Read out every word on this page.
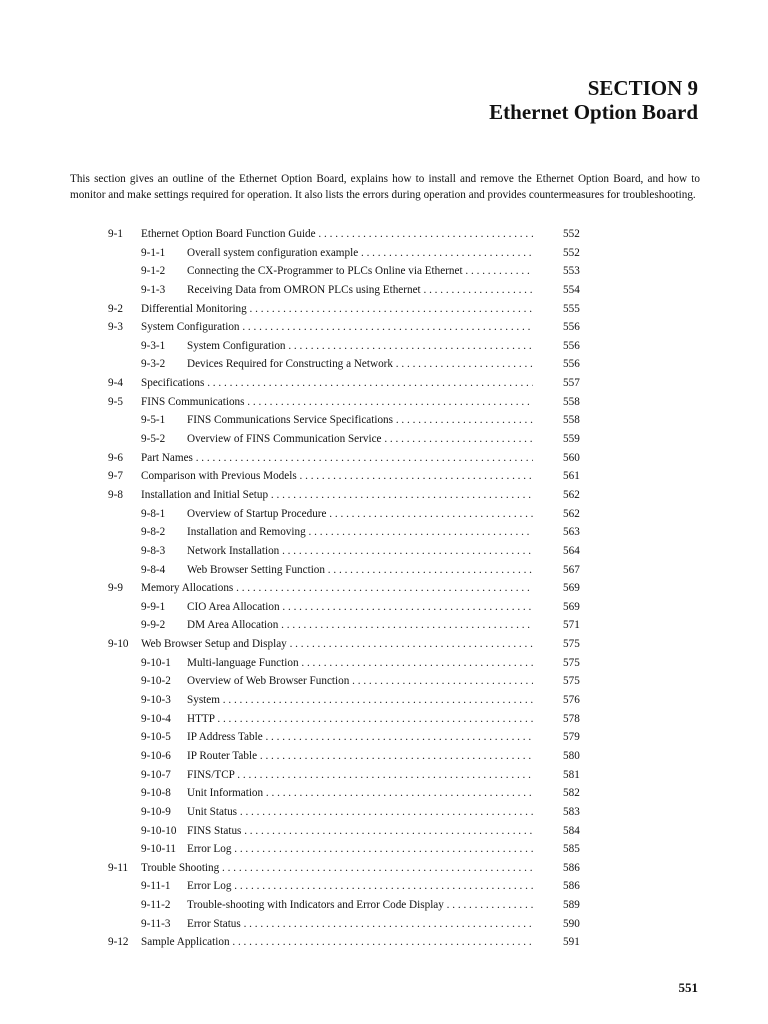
SECTION 9
Ethernet Option Board

This section gives an outline of the Ethernet Option Board, explains how to install and remove the Ethernet Option Board, and how to monitor and make settings required for operation. It also lists the errors during operation and provides countermeasures for troubleshooting.

9-1 Ethernet Option Board Function Guide . . .	552
9-1-1 Overall system configuration example . . .	552
9-1-2 Connecting the CX-Programmer to PLCs Online via Ethernet . . .	553
9-1-3 Receiving Data from OMRON PLCs using Ethernet . . .	554
9-2 Differential Monitoring . . .	555
9-3 System Configuration . . .	556
9-3-1 System Configuration . . .	556
9-3-2 Devices Required for Constructing a Network . . .	556
9-4 Specifications . . .	557
9-5 FINS Communications . . .	558
9-5-1 FINS Communications Service Specifications . . .	558
9-5-2 Overview of FINS Communication Service . . .	559
9-6 Part Names . . .	560
9-7 Comparison with Previous Models . . .	561
9-8 Installation and Initial Setup . . .	562
9-8-1 Overview of Startup Procedure . . .	562
9-8-2 Installation and Removing . . .	563
9-8-3 Network Installation . . .	564
9-8-4 Web Browser Setting Function . . .	567
9-9 Memory Allocations . . .	569
9-9-1 CIO Area Allocation . . .	569
9-9-2 DM Area Allocation . . .	571
9-10 Web Browser Setup and Display . . .	575
9-10-1 Multi-language Function . . .	575
9-10-2 Overview of Web Browser Function . . .	575
9-10-3 System . . .	576
9-10-4 HTTP . . .	578
9-10-5 IP Address Table . . .	579
9-10-6 IP Router Table . . .	580
9-10-7 FINS/TCP . . .	581
9-10-8 Unit Information . . .	582
9-10-9 Unit Status . . .	583
9-10-10 FINS Status . . .	584
9-10-11 Error Log . . .	585
9-11 Trouble Shooting . . .	586
9-11-1 Error Log . . .	586
9-11-2 Trouble-shooting with Indicators and Error Code Display . . .	589
9-11-3 Error Status . . .	590
9-12 Sample Application . . .	591
551
